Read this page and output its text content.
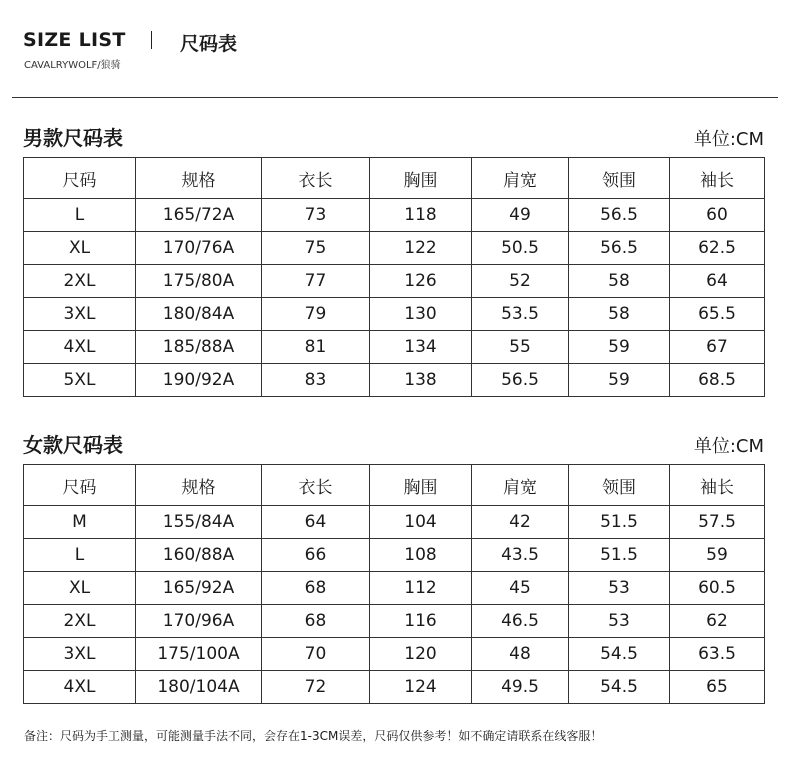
SIZE LIST
CAVALRYWOLF/狼骑
尺码表
男款尺码表	单位:CM
尺码	规格	衣长	胸围	肩宽	领围	袖长
L	165/72A	73	118	49	56.5	60
XL	170/76A	75	122	50.5	56.5	62.5
2XL	175/80A	77	126	52	58	64
3XL	180/84A	79	130	53.5	58	65.5
4XL	185/88A	81	134	55	59	67
5XL	190/92A	83	138	56.5	59	68.5
女款尺码表	单位:CM
尺码	规格	衣长	胸围	肩宽	领围	袖长
M	155/84A	64	104	42	51.5	57.5
L	160/88A	66	108	43.5	51.5	59
XL	165/92A	68	112	45	53	60.5
2XL	170/96A	68	116	46.5	53	62
3XL	175/100A	70	120	48	54.5	63.5
4XL	180/104A	72	124	49.5	54.5	65
备注：尺码为手工测量，可能测量手法不同，会存在1-3CM误差，尺码仅供参考！如不确定请联系在线客服！
